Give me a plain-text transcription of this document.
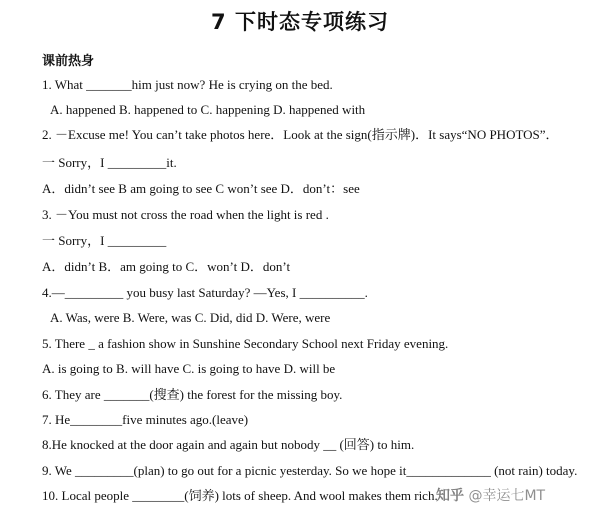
7 下时态专项练习
课前热身
1. What _______him just now? He is crying on the bed.
A. happened B. happened to C. happening D. happened with
2. －Excuse me! You can’t take photos here．Look at the sign(指示牌)．It says“NO PHOTOS”．
一 Sorry，I _________it.
A．didn’t see B am going to see C won’t see D．don’t：see
3. －You must not cross the road when the light is red .
一 Sorry，I _________
A．didn’t B．am going to C．won’t D．don’t
4.—_________ you busy last Saturday? —Yes, I __________.
A. Was, were B. Were, was C. Did, did D. Were, were
5. There _ a fashion show in Sunshine Secondary School next Friday evening.
A. is going to B. will have C. is going to have D. will be
6. They are _______(搜查) the forest for the missing boy.
7. He________five minutes ago.(leave)
8.He knocked at the door again and again but nobody __ (回答) to him.
9. We _________(plan) to go out for a picnic yesterday. So we hope it_____________ (not rain) today.
10. Local people ________(饲养) lots of sheep. And wool makes them rich.
知乎 @幸运七MT
